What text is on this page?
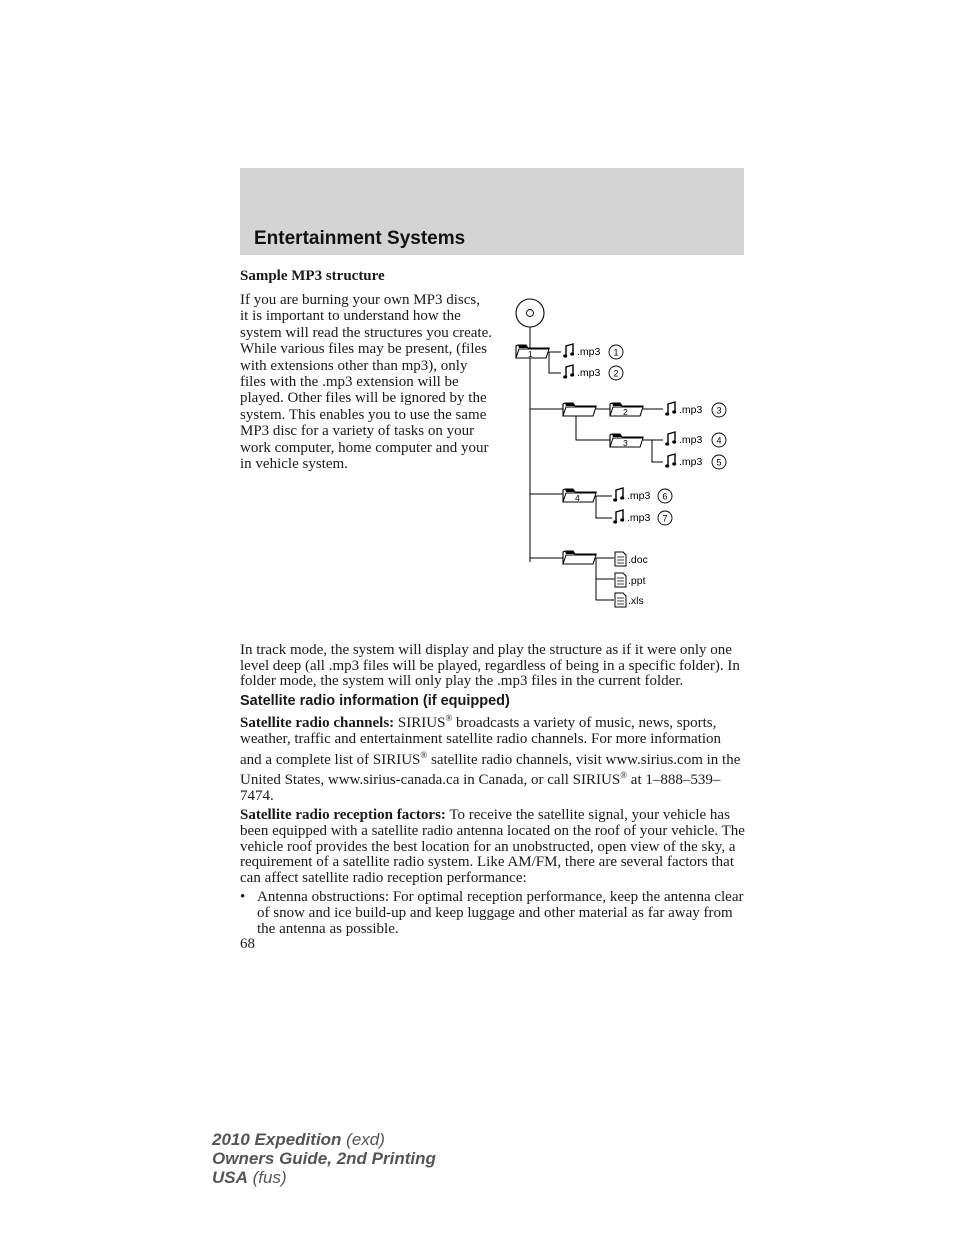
Entertainment Systems
Sample MP3 structure
If you are burning your own MP3 discs, it is important to understand how the system will read the structures you create. While various files may be present, (files with extensions other than mp3), only files with the .mp3 extension will be played. Other files will be ignored by the system. This enables you to use the same MP3 disc for a variety of tasks on your work computer, home computer and your in vehicle system.
1	.mp3 1
.mp3 2
2	.mp3 3
3	.mp3 4
.mp3 5
4	.mp3 6
.mp3 7
.doc
.ppt
.xls

In track mode, the system will display and play the structure as if it were only one level deep (all .mp3 files will be played, regardless of being in a specific folder). In folder mode, the system will only play the .mp3 files in the current folder.

Satellite radio information (if equipped)

Satellite radio channels: SIRIUS® broadcasts a variety of music, news, sports, weather, traffic and entertainment satellite radio channels. For more information and a complete list of SIRIUS® satellite radio channels, visit www.sirius.com in the United States, www.sirius-canada.ca in Canada, or call SIRIUS® at 1–888–539–7474.

Satellite radio reception factors: To receive the satellite signal, your vehicle has been equipped with a satellite radio antenna located on the roof of your vehicle. The vehicle roof provides the best location for an unobstructed, open view of the sky, a requirement of a satellite radio system. Like AM/FM, there are several factors that can affect satellite radio reception performance:

• Antenna obstructions: For optimal reception performance, keep the antenna clear of snow and ice build-up and keep luggage and other material as far away from the antenna as possible.
68
2010 Expedition (exd)
Owners Guide, 2nd Printing
USA (fus)
